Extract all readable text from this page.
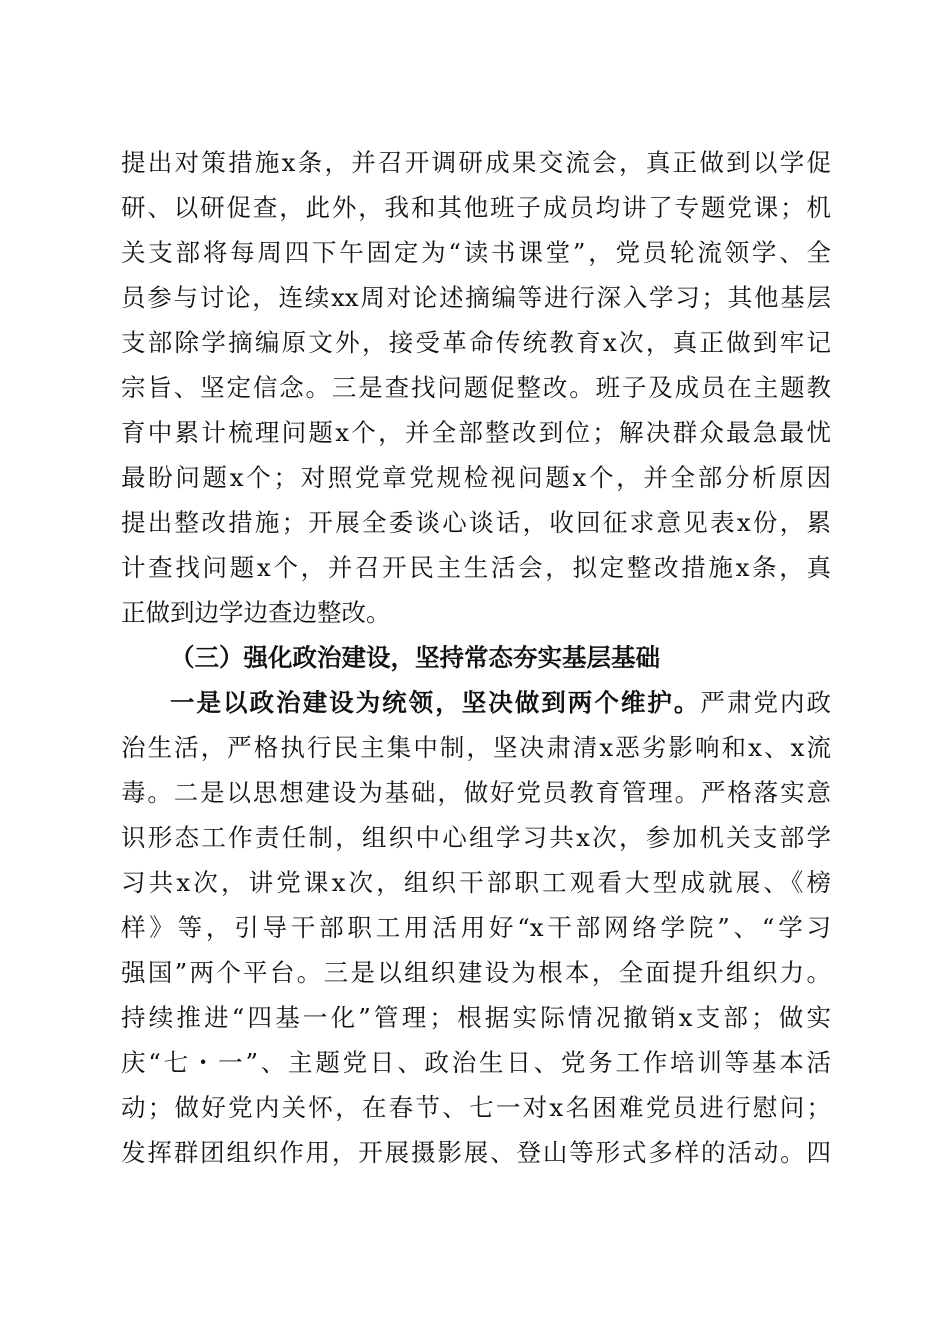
提出对策措施x条，并召开调研成果交流会，真正做到以学促
研、以研促查，此外，我和其他班子成员均讲了专题党课；机
关支部将每周四下午固定为“读书课堂”，党员轮流领学、全
员参与讨论，连续xx周对论述摘编等进行深入学习；其他基层
支部除学摘编原文外，接受革命传统教育x次，真正做到牢记
宗旨、坚定信念。三是查找问题促整改。班子及成员在主题教
育中累计梳理问题x个，并全部整改到位；解决群众最急最忧
最盼问题x个；对照党章党规检视问题x个，并全部分析原因
提出整改措施；开展全委谈心谈话，收回征求意见表x份，累
计查找问题x个，并召开民主生活会，拟定整改措施x条，真
正做到边学边查边整改。
（三）强化政治建设，坚持常态夯实基层基础
一是以政治建设为统领，坚决做到两个维护。严肃党内政
治生活，严格执行民主集中制，坚决肃清x恶劣影响和x、x流
毒。二是以思想建设为基础，做好党员教育管理。严格落实意
识形态工作责任制，组织中心组学习共x次，参加机关支部学
习共x次，讲党课x次，组织干部职工观看大型成就展、《榜
样》等，引导干部职工用活用好“x干部网络学院”、“学习
强国”两个平台。三是以组织建设为根本，全面提升组织力。
持续推进“四基一化”管理；根据实际情况撤销x支部；做实
庆“七・一”、主题党日、政治生日、党务工作培训等基本活
动；做好党内关怀，在春节、七一对x名困难党员进行慰问；
发挥群团组织作用，开展摄影展、登山等形式多样的活动。四
